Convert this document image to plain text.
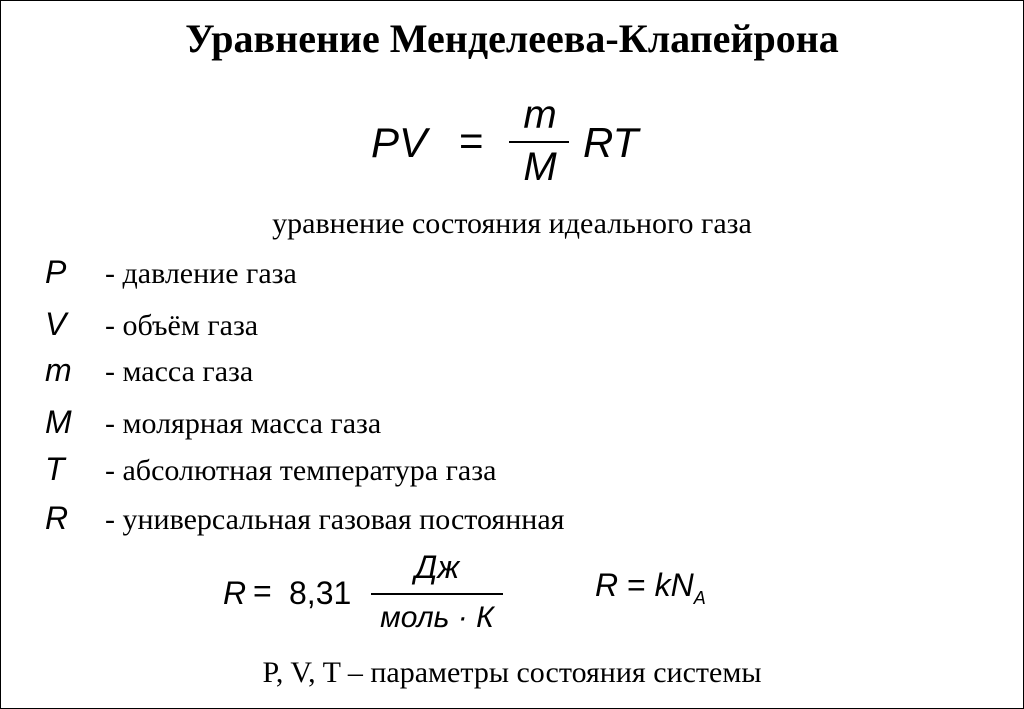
Уравнение Менделеева-Клапейрона
PV =
m
M
RT
уравнение состояния идеального газа
P	- давление газа
V	- объём газа
m	- масса газа
M	- молярная масса газа
T	- абсолютная температура газа
R	- универсальная газовая постоянная
R = 8,31
Дж
моль · К
$R = kN_A$
P, V, T – параметры состояния системы
